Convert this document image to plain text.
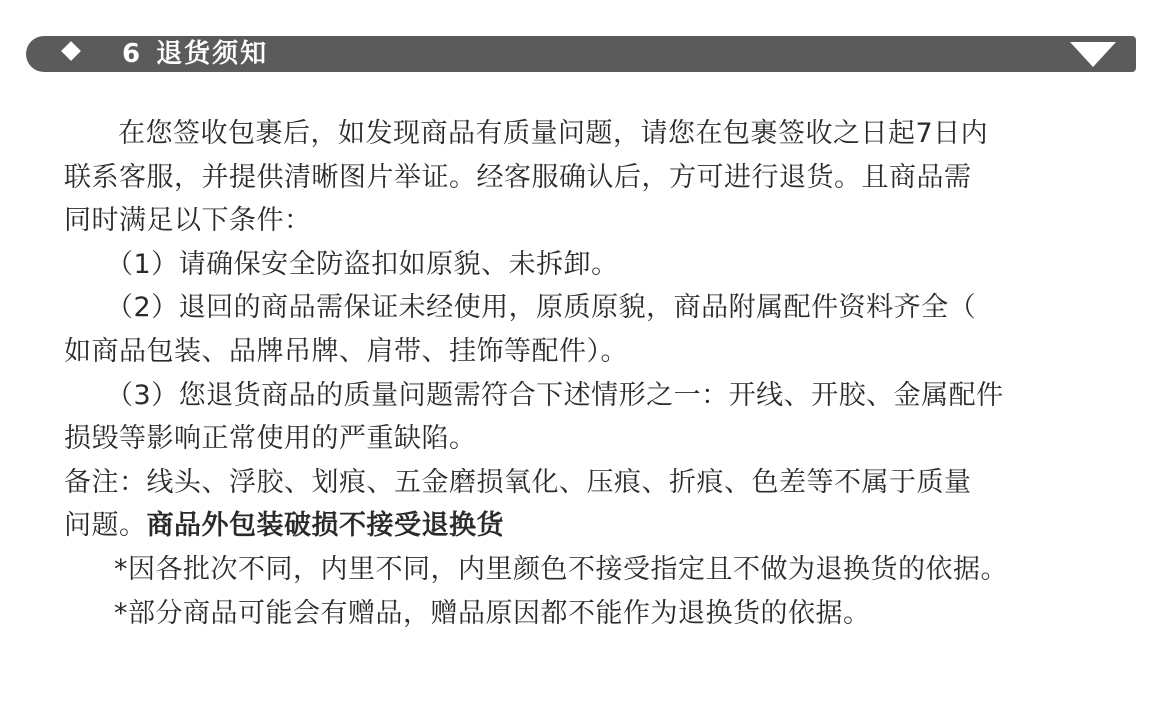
6 退货须知

在您签收包裹后，如发现商品有质量问题，请您在包裹签收之日起7日内

联系客服，并提供清晰图片举证。经客服确认后，方可进行退货。且商品需

同时满足以下条件：

（1）请确保安全防盗扣如原貌、未拆卸。

（2）退回的商品需保证未经使用，原质原貌，商品附属配件资料齐全（

如商品包装、品牌吊牌、肩带、挂饰等配件）。

（3）您退货商品的质量问题需符合下述情形之一：开线、开胶、金属配件

损毁等影响正常使用的严重缺陷。

备注：线头、浮胶、划痕、五金磨损氧化、压痕、折痕、色差等不属于质量

问题。商品外包装破损不接受退换货

*因各批次不同，内里不同，内里颜色不接受指定且不做为退换货的依据。

*部分商品可能会有赠品，赠品原因都不能作为退换货的依据。
